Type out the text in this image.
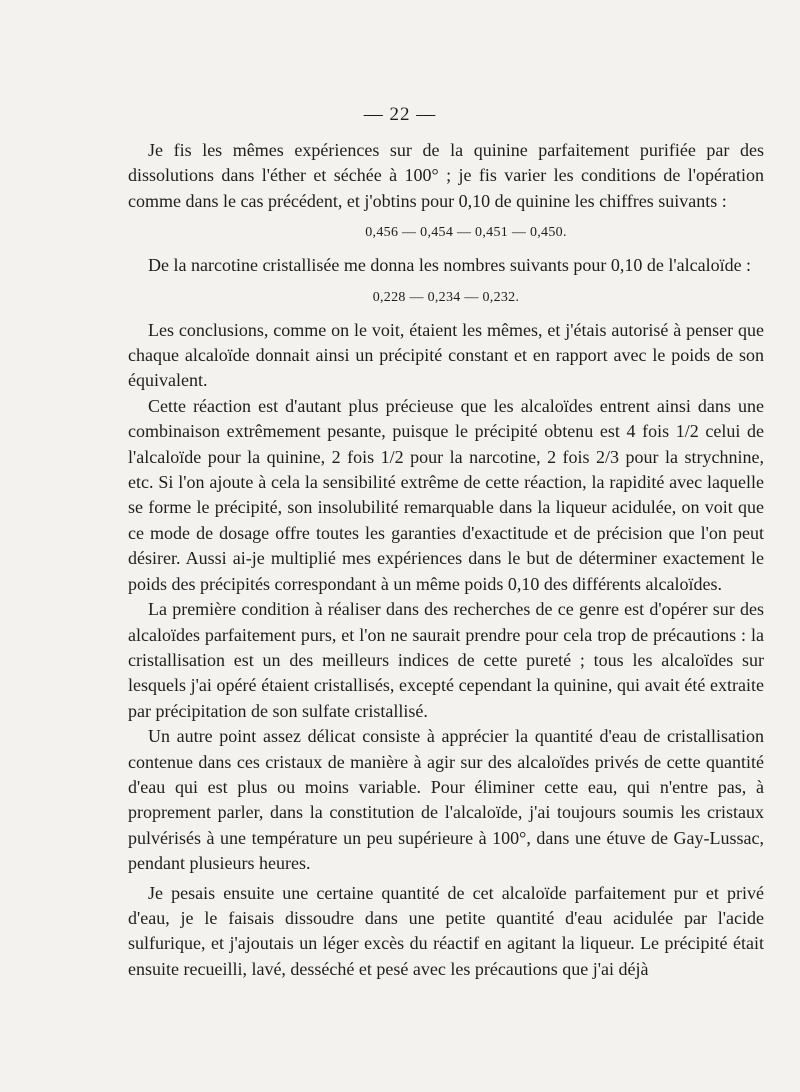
— 22 —

Je fis les mêmes expériences sur de la quinine parfaitement purifiée par des dissolutions dans l'éther et séchée à 100° ; je fis varier les conditions de l'opération comme dans le cas précédent, et j'obtins pour 0,10 de quinine les chiffres suivants :

0,456 — 0,454 — 0,451 — 0,450.

De la narcotine cristallisée me donna les nombres suivants pour 0,10 de l'alcaloïde :

0,228 — 0,234 — 0,232.

Les conclusions, comme on le voit, étaient les mêmes, et j'étais autorisé à penser que chaque alcaloïde donnait ainsi un précipité constant et en rapport avec le poids de son équivalent.

Cette réaction est d'autant plus précieuse que les alcaloïdes entrent ainsi dans une combinaison extrêmement pesante, puisque le précipité obtenu est 4 fois 1/2 celui de l'alcaloïde pour la quinine, 2 fois 1/2 pour la narcotine, 2 fois 2/3 pour la strychnine, etc. Si l'on ajoute à cela la sensibilité extrême de cette réaction, la rapidité avec laquelle se forme le précipité, son insolubilité remarquable dans la liqueur acidulée, on voit que ce mode de dosage offre toutes les garanties d'exactitude et de précision que l'on peut désirer. Aussi ai-je multiplié mes expériences dans le but de déterminer exactement le poids des précipités correspondant à un même poids 0,10 des différents alcaloïdes.

La première condition à réaliser dans des recherches de ce genre est d'opérer sur des alcaloïdes parfaitement purs, et l'on ne saurait prendre pour cela trop de précautions : la cristallisation est un des meilleurs indices de cette pureté ; tous les alcaloïdes sur lesquels j'ai opéré étaient cristallisés, excepté cependant la quinine, qui avait été extraite par précipitation de son sulfate cristallisé.

Un autre point assez délicat consiste à apprécier la quantité d'eau de cristallisation contenue dans ces cristaux de manière à agir sur des alcaloïdes privés de cette quantité d'eau qui est plus ou moins variable. Pour éliminer cette eau, qui n'entre pas, à proprement parler, dans la constitution de l'alcaloïde, j'ai toujours soumis les cristaux pulvérisés à une température un peu supérieure à 100°, dans une étuve de Gay-Lussac, pendant plusieurs heures.

Je pesais ensuite une certaine quantité de cet alcaloïde parfaitement pur et privé d'eau, je le faisais dissoudre dans une petite quantité d'eau acidulée par l'acide sulfurique, et j'ajoutais un léger excès du réactif en agitant la liqueur. Le précipité était ensuite recueilli, lavé, desséché et pesé avec les précautions que j'ai déjà
